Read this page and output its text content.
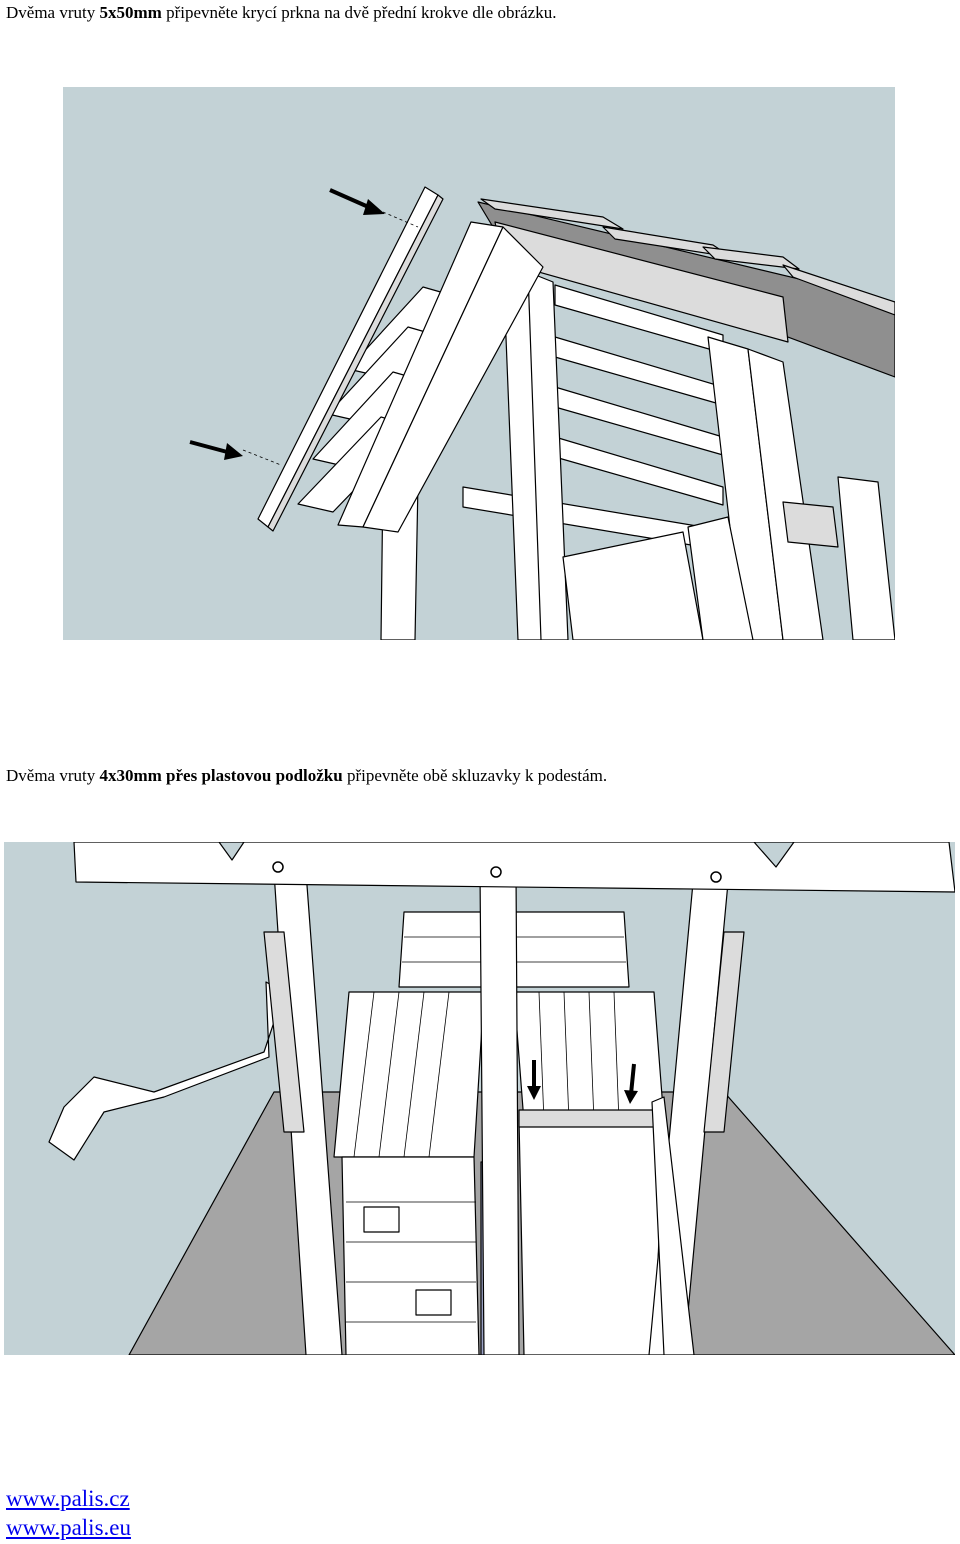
Dvěma vruty 5x50mm připevněte krycí prkna na dvě přední krokve dle obrázku.
Dvěma vruty 4x30mm přes plastovou podložku připevněte obě skluzavky k podestám.
www.palis.cz
www.palis.eu
